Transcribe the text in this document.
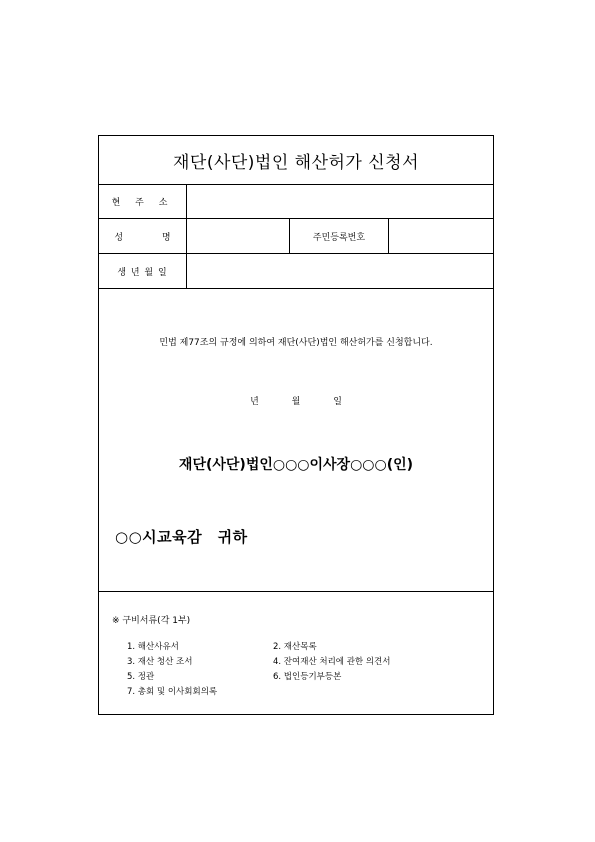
재단(사단)법인 해산허가 신청서
현 주 소
성 명	주민등록번호
생 년 월 일
민법 제77조의 규정에 의하여 재단(사단)법인 해산허가를 신청합니다.
년 월 일
재단(사단)법인○○○이사장○○○(인)
○○시교육감　귀하
※ 구비서류(각 1부)
1. 해산사유서	2. 재산목록
3. 재산 청산 조서	4. 잔여재산 처리에 관한 의견서
5. 정관	6. 법인등기부등본
7. 총회 및 이사회회의록
